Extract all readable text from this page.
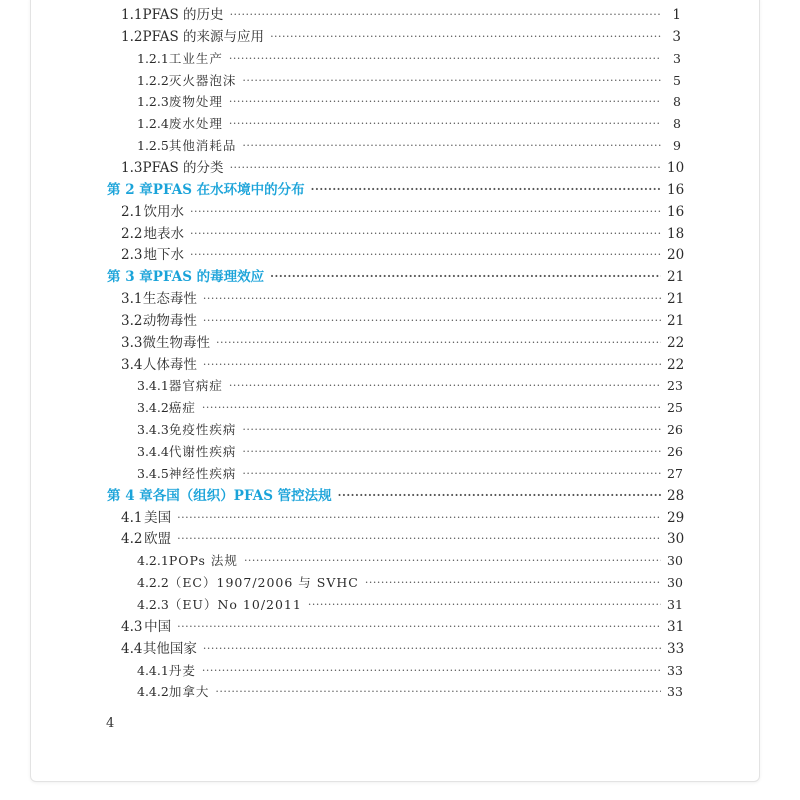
1.1 PFAS 的历史 ·····	1
1.2 PFAS 的来源与应用 ·····	3
1.2.1 工业生产 ·····	3
1.2.2 灭火器泡沫 ·····	5
1.2.3 废物处理 ·····	8
1.2.4 废水处理 ·····	8
1.2.5 其他消耗品 ·····	9
1.3 PFAS 的分类 ·····	10
第 2 章 PFAS 在水环境中的分布 ·····	16
2.1 饮用水 ·····	16
2.2 地表水 ·····	18
2.3 地下水 ·····	20
第 3 章 PFAS 的毒理效应 ·····	21
3.1 生态毒性 ·····	21
3.2 动物毒性 ·····	21
3.3 微生物毒性 ·····	22
3.4 人体毒性 ·····	22
3.4.1 器官病症 ·····	23
3.4.2 癌症 ·····	25
3.4.3 免疫性疾病 ·····	26
3.4.4 代谢性疾病 ·····	26
3.4.5 神经性疾病 ·····	27
第 4 章 各国（组织）PFAS 管控法规 ·····	28
4.1 美国 ·····	29
4.2 欧盟 ·····	30
4.2.1 POPs 法规 ·····	30
4.2.2 （EC）1907/2006 与 SVHC ·····	30
4.2.3 （EU）No 10/2011 ·····	31
4.3 中国 ·····	31
4.4 其他国家 ·····	33
4.4.1 丹麦 ·····	33
4.4.2 加拿大 ·····	33
4
